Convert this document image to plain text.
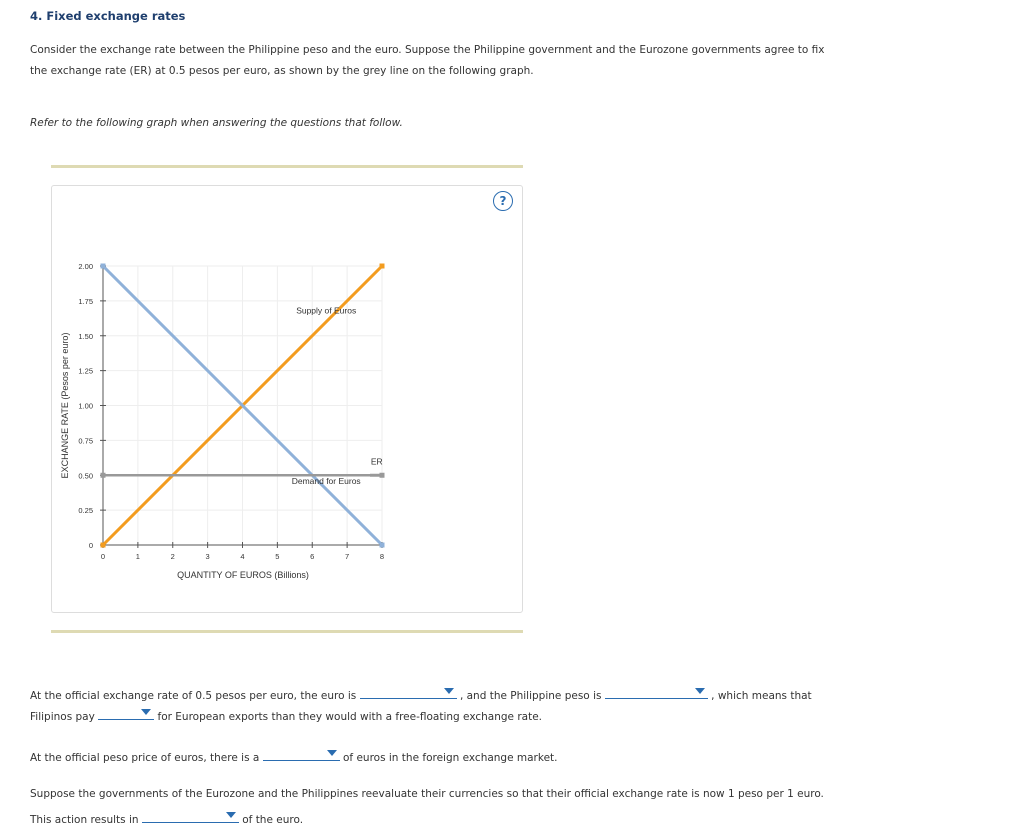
4. Fixed exchange rates
Consider the exchange rate between the Philippine peso and the euro. Suppose the Philippine government and the Eurozone governments agree to fix
the exchange rate (ER) at 0.5 pesos per euro, as shown by the grey line on the following graph.
Refer to the following graph when answering the questions that follow.
?
0	1	2	3	4	5	6	7	8
0
0.25
0.50
0.75
1.00
1.25
1.50
1.75
2.00
Supply of Euros
Demand for Euros
ER
EXCHANGE RATE (Pesos per euro)
QUANTITY OF EUROS (Billions)
At the official exchange rate of 0.5 pesos per euro, the euro is	, and the Philippine peso is	, which means that
Filipinos pay	for European exports than they would with a free-floating exchange rate.
At the official peso price of euros, there is a	of euros in the foreign exchange market.
Suppose the governments of the Eurozone and the Philippines reevaluate their currencies so that their official exchange rate is now 1 peso per 1 euro.
This action results in	of the euro.
